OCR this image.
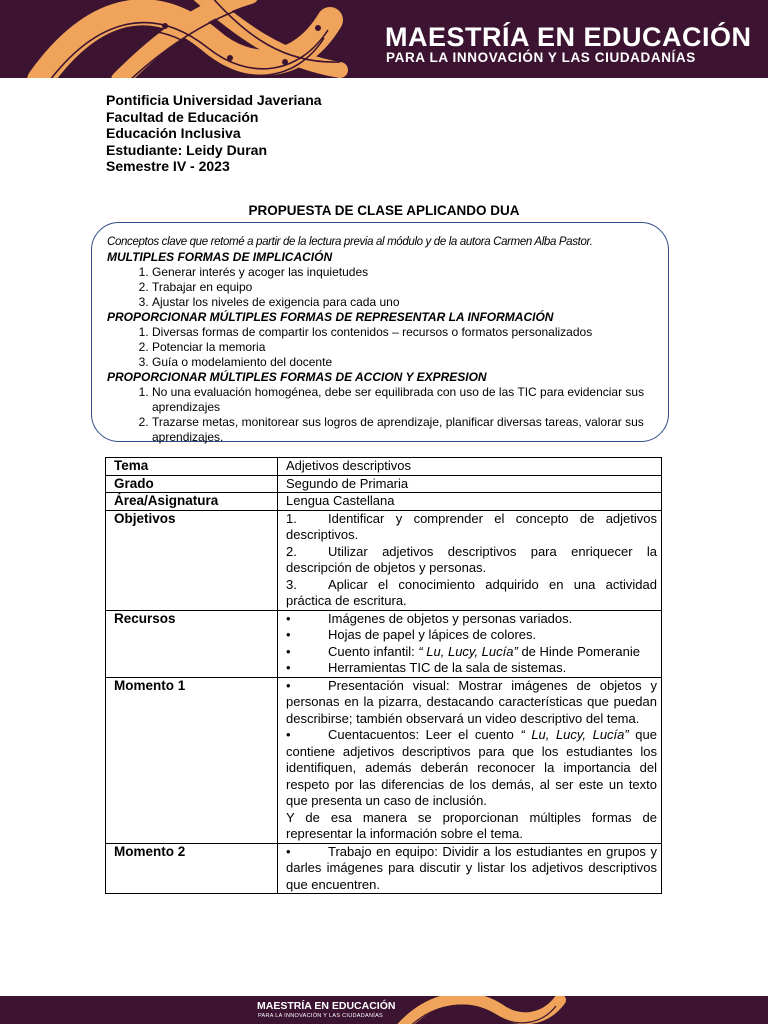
MAESTRÍA EN EDUCACIÓN
PARA LA INNOVACIÓN Y LAS CIUDADANÍAS
Pontificia Universidad Javeriana
Facultad de Educación
Educación Inclusiva
Estudiante: Leidy Duran
Semestre IV - 2023
PROPUESTA DE CLASE APLICANDO DUA
Conceptos clave que retomé a partir de la lectura previa al módulo y de la autora Carmen Alba Pastor.
MULTIPLES FORMAS DE IMPLICACIÓN
1. Generar interés y acoger las inquietudes
2. Trabajar en equipo
3. Ajustar los niveles de exigencia para cada uno
PROPORCIONAR MÚLTIPLES FORMAS DE REPRESENTAR LA INFORMACIÓN
1. Diversas formas de compartir los contenidos – recursos o formatos personalizados
2. Potenciar la memoria
3. Guía o modelamiento del docente
PROPORCIONAR MÚLTIPLES FORMAS DE ACCION Y EXPRESION
1. No una evaluación homogénea, debe ser equilibrada con uso de las TIC para evidenciar sus aprendizajes
2. Trazarse metas, monitorear sus logros de aprendizaje, planificar diversas tareas, valorar sus aprendizajes.
Tema	Adjetivos descriptivos
Grado	Segundo de Primaria
Área/Asignatura	Lengua Castellana
Objetivos	1. Identificar y comprender el concepto de adjetivos descriptivos.
2. Utilizar adjetivos descriptivos para enriquecer la descripción de objetos y personas.
3. Aplicar el conocimiento adquirido en una actividad práctica de escritura.

Recursos	• Imágenes de objetos y personas variados.
• Hojas de papel y lápices de colores.
• Cuento infantil: “ Lu, Lucy, Lucía” de Hinde Pomeranie
• Herramientas TIC de la sala de sistemas.

Momento 1	• Presentación visual: Mostrar imágenes de objetos y personas en la pizarra, destacando características que puedan describirse; también observará un video descriptivo del tema.
• Cuentacuentos: Leer el cuento “ Lu, Lucy, Lucía” que contiene adjetivos descriptivos para que los estudiantes los identifiquen, además deberán reconocer la importancia del respeto por las diferencias de los demás, al ser este un texto que presenta un caso de inclusión.
Y de esa manera se proporcionan múltiples formas de representar la información sobre el tema.

Momento 2	• Trabajo en equipo: Dividir a los estudiantes en grupos y darles imágenes para discutir y listar los adjetivos descriptivos que encuentren.
MAESTRÍA EN EDUCACIÓN
PARA LA INNOVACIÓN Y LAS CIUDADANÍAS
